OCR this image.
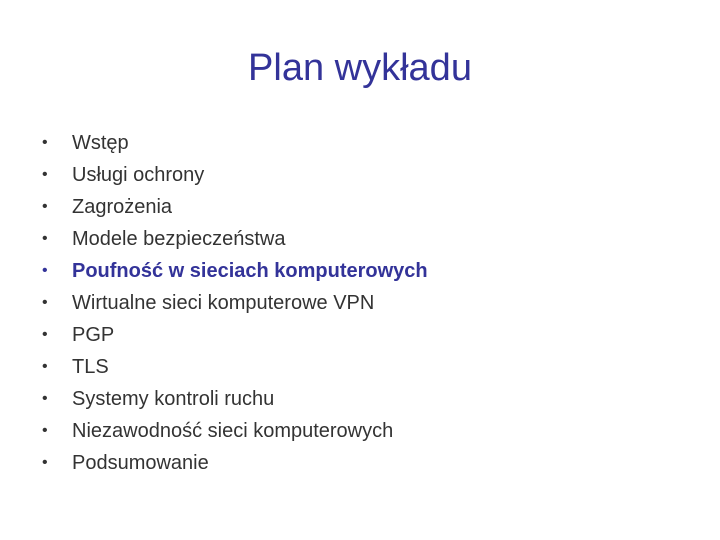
Plan wykładu
•	Wstęp
•	Usługi ochrony
•	Zagrożenia
•	Modele bezpieczeństwa
•	Poufność w sieciach komputerowych
•	Wirtualne sieci komputerowe VPN
•	PGP
•	TLS
•	Systemy kontroli ruchu
•	Niezawodność sieci komputerowych
•	Podsumowanie
